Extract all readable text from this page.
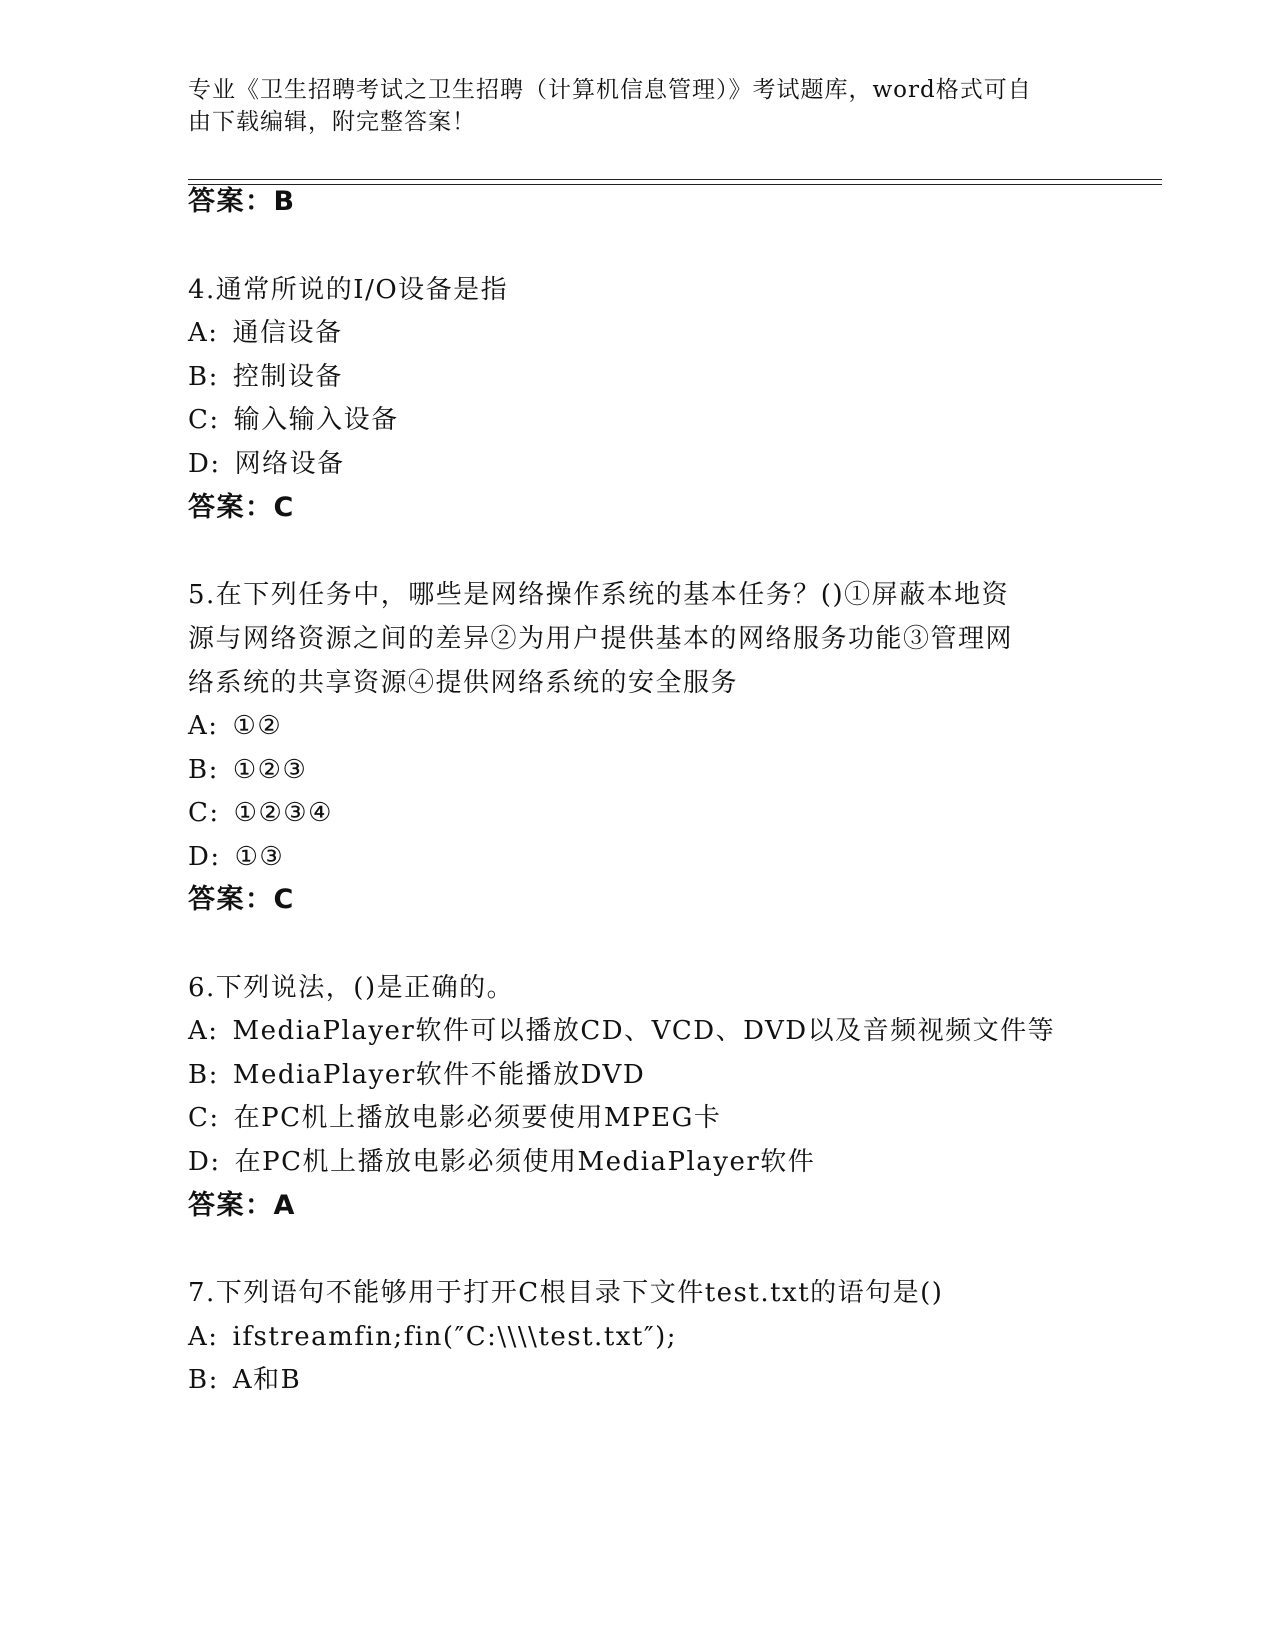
专业《卫生招聘考试之卫生招聘（计算机信息管理）》考试题库，word格式可自
由下载编辑，附完整答案！
答案：B
4.通常所说的I/O设备是指
A: 通信设备
B: 控制设备
C: 输入输入设备
D: 网络设备
答案：C
5.在下列任务中，哪些是网络操作系统的基本任务？()①屏蔽本地资
源与网络资源之间的差异②为用户提供基本的网络服务功能③管理网
络系统的共享资源④提供网络系统的安全服务
A: ①②
B: ①②③
C: ①②③④
D: ①③
答案：C
6.下列说法，()是正确的。
A: MediaPlayer软件可以播放CD、VCD、DVD以及音频视频文件等
B: MediaPlayer软件不能播放DVD
C: 在PC机上播放电影必须要使用MPEG卡
D: 在PC机上播放电影必须使用MediaPlayer软件
答案：A
7.下列语句不能够用于打开C根目录下文件test.txt的语句是()
A: ifstreamfin;fin(″C:\\\\test.txt″);
B: A和B
